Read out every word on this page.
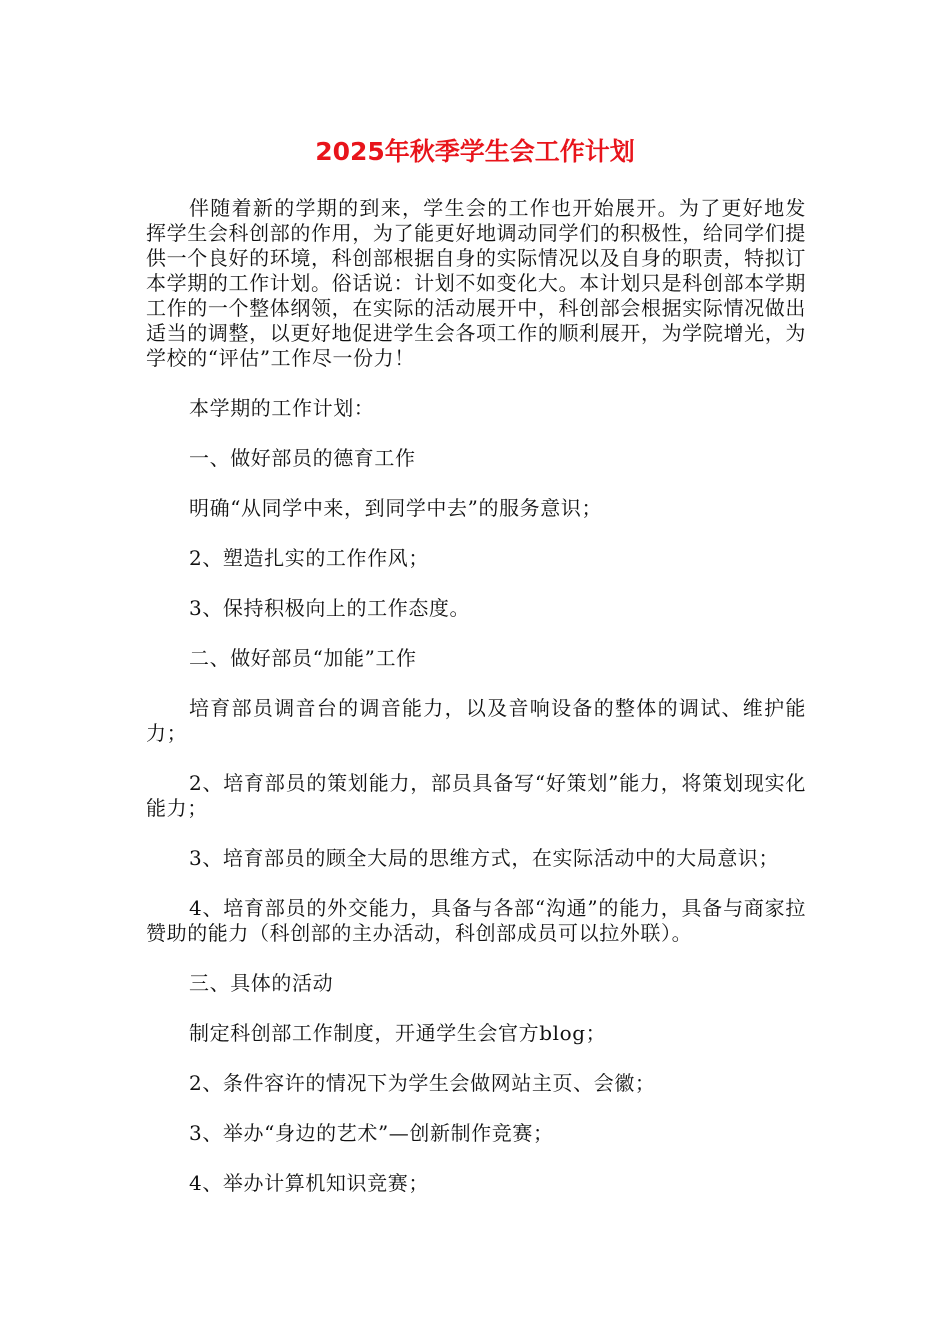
2025年秋季学生会工作计划

伴随着新的学期的到来，学生会的工作也开始展开。为了更好地发挥学生会科创部的作用，为了能更好地调动同学们的积极性，给同学们提供一个良好的环境，科创部根据自身的实际情况以及自身的职责，特拟订本学期的工作计划。俗话说：计划不如变化大。本计划只是科创部本学期工作的一个整体纲领，在实际的活动展开中，科创部会根据实际情况做出适当的调整，以更好地促进学生会各项工作的顺利展开，为学院增光，为学校的“评估”工作尽一份力！

本学期的工作计划：

一、做好部员的德育工作

明确“从同学中来，到同学中去”的服务意识；

2、塑造扎实的工作作风；

3、保持积极向上的工作态度。

二、做好部员“加能”工作

培育部员调音台的调音能力，以及音响设备的整体的调试、维护能力；

2、培育部员的策划能力，部员具备写“好策划”能力，将策划现实化能力；

3、培育部员的顾全大局的思维方式，在实际活动中的大局意识；

4、培育部员的外交能力，具备与各部“沟通”的能力，具备与商家拉赞助的能力（科创部的主办活动，科创部成员可以拉外联）。

三、具体的活动

制定科创部工作制度，开通学生会官方blog；

2、条件容许的情况下为学生会做网站主页、会徽；

3、举办“身边的艺术”—创新制作竞赛；

4、举办计算机知识竞赛；
